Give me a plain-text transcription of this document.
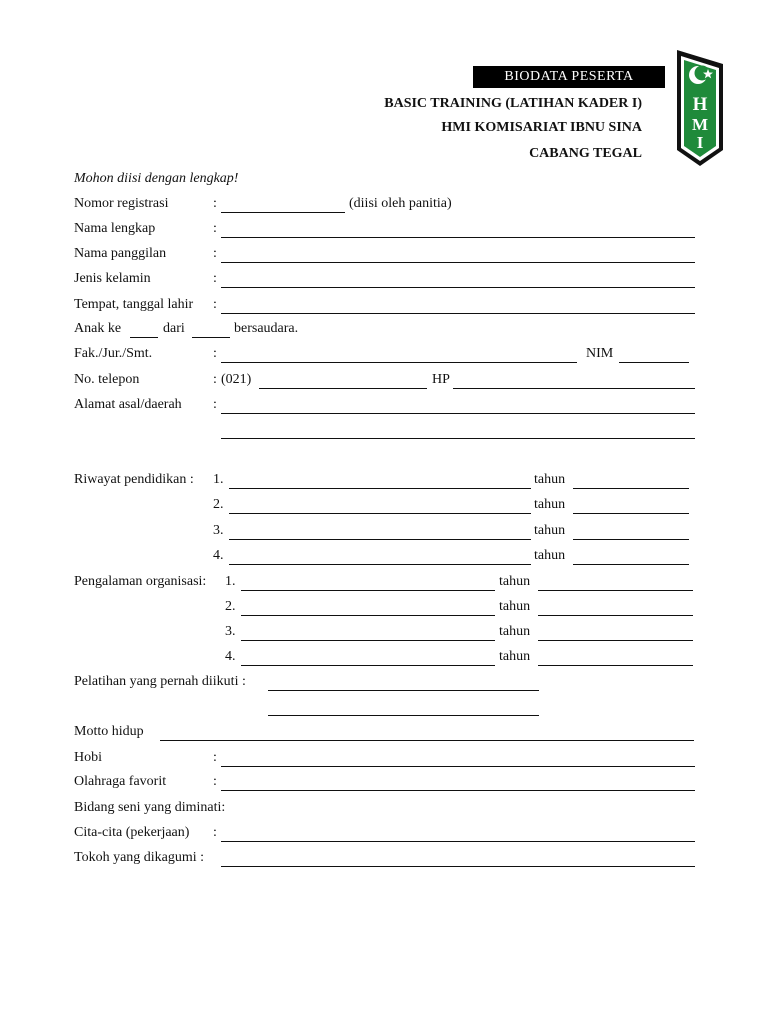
BIODATA PESERTA
BASIC TRAINING (LATIHAN KADER I)
HMI KOMISARIAT IBNU SINA
CABANG TEGAL
H
M
I
Mohon diisi dengan lengkap!
Nomor registrasi	:	(diisi oleh panitia)
Nama lengkap	:
Nama panggilan	:
Jenis kelamin	:
Tempat, tanggal lahir :
Anak ke	dari	bersaudara.
Fak./Jur./Smt.	:	NIM
No. telepon	: (021)	HP
Alamat asal/daerah :
Riwayat pendidikan : 1.	tahun
2.	tahun
3.	tahun
4.	tahun
Pengalaman organisasi: 1.	tahun
2.	tahun
3.	tahun
4.	tahun
Pelatihan yang pernah diikuti :
Motto hidup
Hobi	:
Olahraga favorit	:
Bidang seni yang diminati:
Cita-cita (pekerjaan) :
Tokoh yang dikagumi :
